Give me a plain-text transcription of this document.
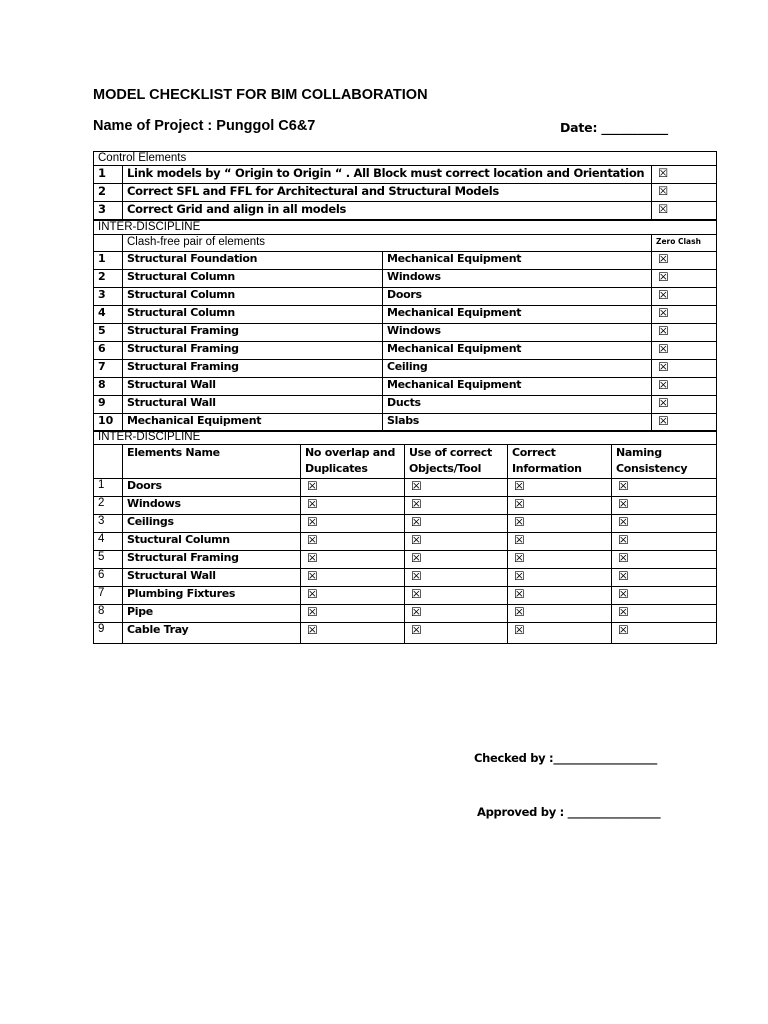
MODEL CHECKLIST FOR BIM COLLABORATION
Name of Project : Punggol C6&7	Date: ___________
Control Elements		
1	Link models by “ Origin to Origin “ . All Block must correct location and Orientation	☒
2	Correct SFL and FFL for Architectural and Structural Models	☒
3	Correct Grid and align in all models	☒
INTER-DISCIPLINE			
	Clash-free pair of elements		Zero Clash
1	Structural Foundation	Mechanical Equipment	☒
2	Structural Column	Windows	☒
3	Structural Column	Doors	☒
4	Structural Column	Mechanical Equipment	☒
5	Structural Framing	Windows	☒
6	Structural Framing	Mechanical Equipment	☒
7	Structural Framing	Ceiling	☒
8	Structural Wall	Mechanical Equipment	☒
9	Structural Wall	Ducts	☒
10	Mechanical Equipment	Slabs	☒
INTER-DISCIPLINE					
	Elements Name	No overlap and Duplicates	Use of correct Objects/Tool	Correct Information	Naming Consistency
1	Doors	☒	☒	☒	☒
2	Windows	☒	☒	☒	☒
3	Ceilings	☒	☒	☒	☒
4	Stuctural Column	☒	☒	☒	☒
5	Structural Framing	☒	☒	☒	☒
6	Structural Wall	☒	☒	☒	☒
7	Plumbing Fixtures	☒	☒	☒	☒
8	Pipe	☒	☒	☒	☒
9	Cable Tray	☒	☒	☒	☒
Checked by :___________________
Approved by : _________________
